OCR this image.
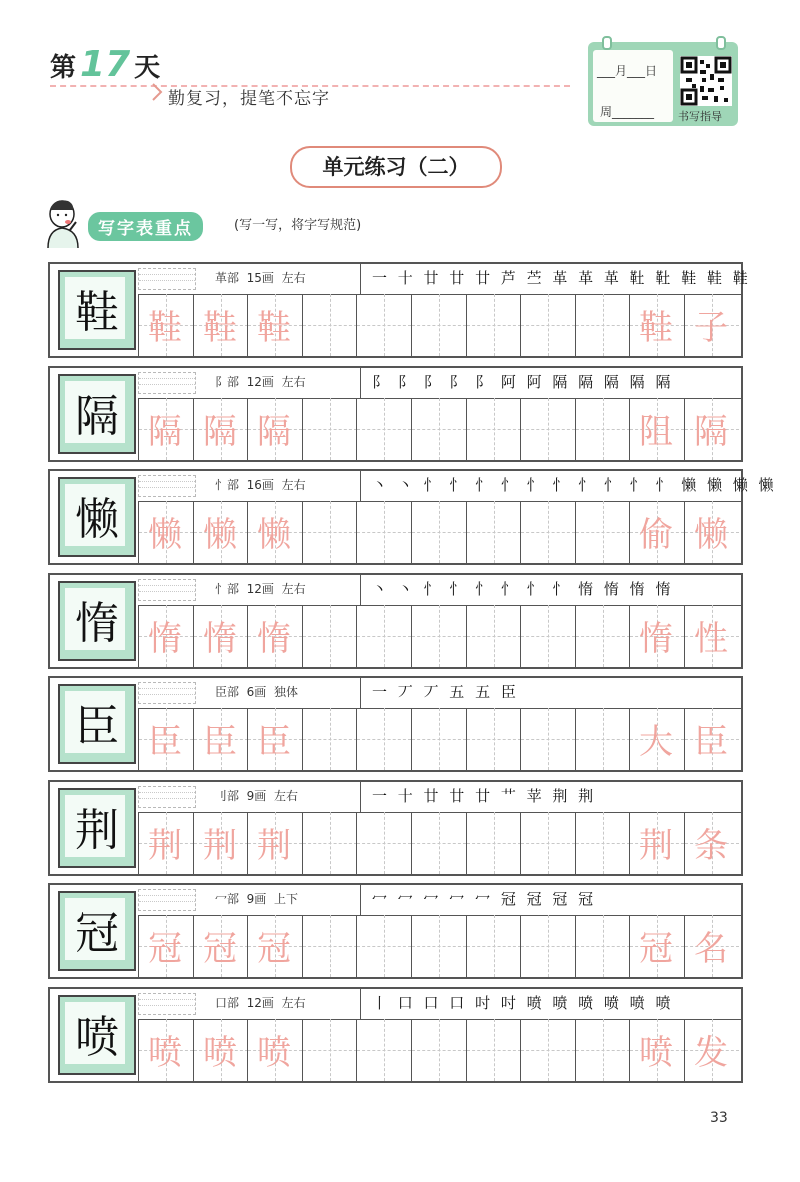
第 17 天
勤复习，提笔不忘字
___月___日
周_______ 书写指导
单元练习（二）
写字表重点	(写一写，将字写规范)
鞋
革部 15画 左右	一 十 廿 廿 廿 芦 苎 革 革 革 靯 靯 鞋 鞋 鞋
鞋 鞋 鞋	鞋 子
隔
阝部 12画 左右	阝 阝 阝 阝 阝 阿 阿 隔 隔 隔 隔 隔
隔 隔 隔	阻 隔
懒
忄部 16画 左右	丶 丶 忄 忄 忄 忄 忄 忄 忄 忄 忄 忄 懒 懒 懒 懒
懒 懒 懒	偷 懒
惰
忄部 12画 左右	丶 丶 忄 忄 忄 忄 忄 忄 惰 惰 惰 惰
惰 惰 惰	惰 性
臣
臣部 6画 独体	一 丆 丆 五 五 臣
臣 臣 臣	大 臣
荆
刂部 9画 左右	一 十 廿 廿 廿 艹 苹 荆 荆
荆 荆 荆	荆 条
冠
冖部 9画 上下	冖 冖 冖 冖 冖 冠 冠 冠 冠
冠 冠 冠	冠 名
喷
口部 12画 左右	丨 口 口 口 吋 吋 喷 喷 喷 喷 喷 喷
喷 喷 喷	喷 发
33
